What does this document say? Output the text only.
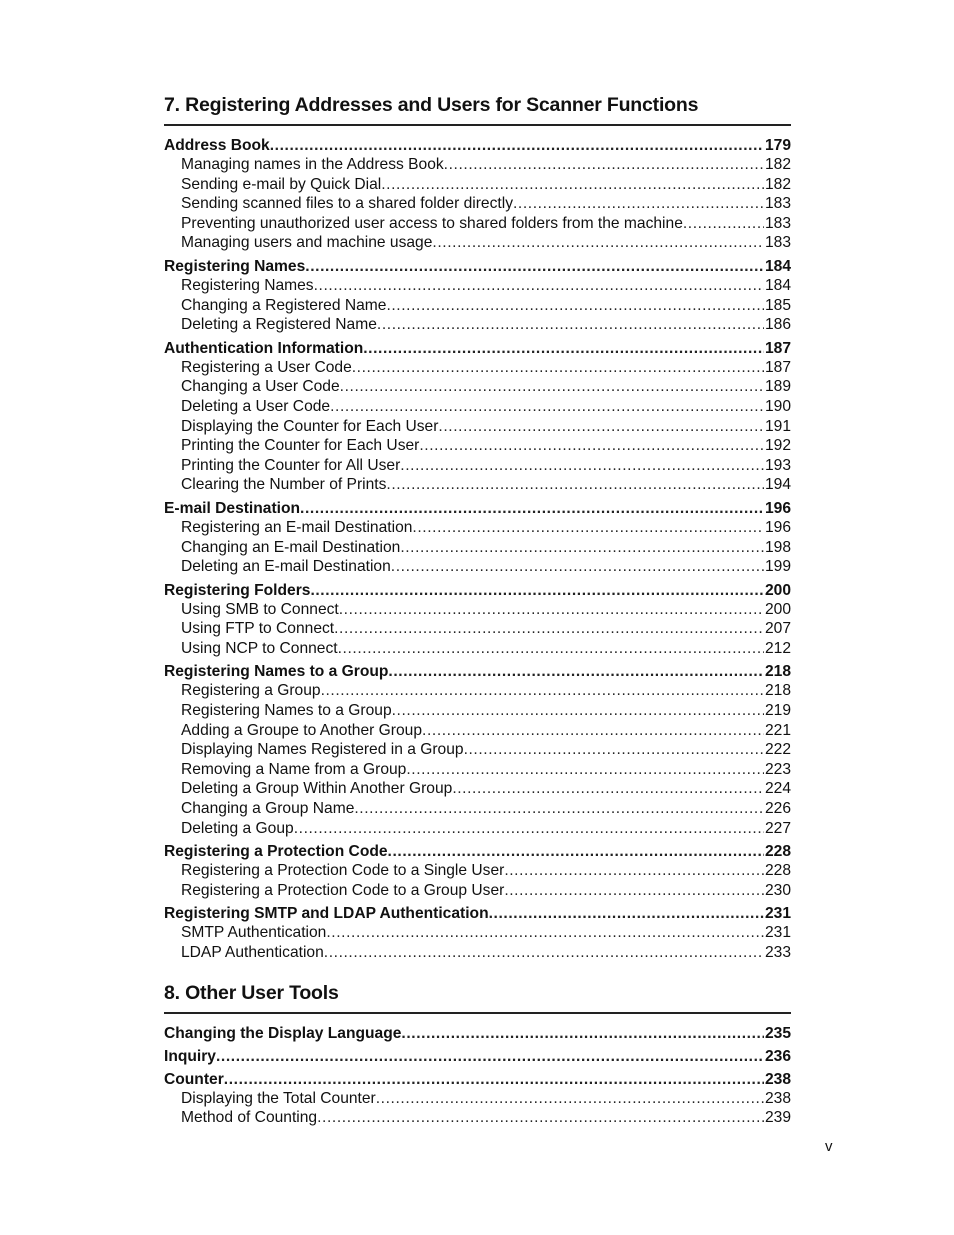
7. Registering Addresses and Users for Scanner Functions
Address Book .....	179
Managing names in the Address Book .....	182
Sending e-mail by Quick Dial .....	182
Sending scanned files to a shared folder directly .....	183
Preventing unauthorized user access to shared folders from the machine .....	183
Managing users and machine usage .....	183
Registering Names .....	184
Registering Names .....	184
Changing a Registered Name .....	185
Deleting a Registered Name .....	186
Authentication Information .....	187
Registering a User Code .....	187
Changing a User Code .....	189
Deleting a User Code .....	190
Displaying the Counter for Each User .....	191
Printing the Counter for Each User .....	192
Printing the Counter for All User .....	193
Clearing the Number of Prints .....	194
E-mail Destination .....	196
Registering an E-mail Destination .....	196
Changing an E-mail Destination .....	198
Deleting an E-mail Destination .....	199
Registering Folders .....	200
Using SMB to Connect .....	200
Using FTP to Connect .....	207
Using NCP to Connect .....	212
Registering Names to a Group .....	218
Registering a Group .....	218
Registering Names to a Group .....	219
Adding a Groupe to Another Group .....	221
Displaying Names Registered in a Group .....	222
Removing a Name from a Group .....	223
Deleting a Group Within Another Group .....	224
Changing a Group Name .....	226
Deleting a Goup .....	227
Registering a Protection Code .....	228
Registering a Protection Code to a Single User .....	228
Registering a Protection Code to a Group User .....	230
Registering SMTP and LDAP Authentication .....	231
SMTP Authentication .....	231
LDAP Authentication .....	233
8. Other User Tools
Changing the Display Language .....	235
Inquiry .....	236
Counter .....	238
Displaying the Total Counter .....	238
Method of Counting .....	239
v
